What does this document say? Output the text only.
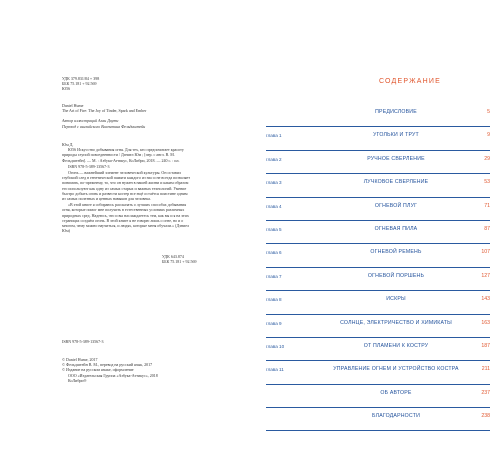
УДК 379.831/84 + 398
ББК 75.181 + 92.569
Ю56
Daniel Hume
The Art of Fire: The Joy of Tinder, Spark and Ember
Автор иллюстраций Алан Даути
Перевод с английского Валентина Фельдиштейн
Юм Д.
Ю56 Искусство добывания огня. Для тех, кто предпочитает красоту природы глупой повседневности / Дэниел Юм ; [пер. с англ. В. М. Фельдштейн]. — М. : Азбука-Аттикус, КоЛибри, 2018. — 240 с. : ил.
ISBN 978-5-389-13567-3
Огонь — важнейший элемент человеческой культуры. Он оставил глубокий след в генетической памяти каждого из нас и не всегда позволяет понимать, по-прежнему, то, что он нужен в нашей жизни и каким образом его используют как одну из самых старых и важных технологий. Умение быстро добыть огонь и развести костер все ещё остаётся поистине одним из самых полезных и ценных навыков для человека.
«В этой книге я собираюсь рассказать о лучших способах добывания огня, которые помог мне получить в естественных условиях различных природных сред. Надеюсь, что и вы наслаждаетесь тем, как вы и я на этих страницах создаём огонь. В этой книге я не говорю лишь о огне, но и о многом, чему можно научиться, и людях, которые меня обучали.» (Дэниел Юм)
УДК 643.874
ББК 75.181 + 92.569
ISBN 978-5-389-13567-3
© Daniel Hume, 2017
© Фельдштейн В. М., перевод на русский язык, 2017
© Издание на русском языке, оформление
ООО «Издательская Группа «Азбука-Аттикус», 2018
КоЛибри®
СОДЕРЖАНИЕ
ПРЕДИСЛОВИЕ	5
глава 1	УГОЛЬКИ И ТРУТ	9
глава 2	РУЧНОЕ СВЕРЛЕНИЕ	29
глава 3	ЛУЧКОВОЕ СВЕРЛЕНИЕ	53
глава 4	ОГНЕВОЙ ПЛУГ	71
глава 5	ОГНЕВАЯ ПИЛА	87
глава 6	ОГНЕВОЙ РЕМЕНЬ	107
глава 7	ОГНЕВОЙ ПОРШЕНЬ	127
глава 8	ИСКРЫ	143
глава 9	СОЛНЦЕ, ЭЛЕКТРИЧЕСТВО И ХИМИКАТЫ	163
глава 10	ОТ ПЛАМЕНИ К КОСТРУ	187
глава 11	УПРАВЛЕНИЕ ОГНЕМ И УСТРОЙСТВО КОСТРА	211
ОБ АВТОРЕ	237
БЛАГОДАРНОСТИ	238
